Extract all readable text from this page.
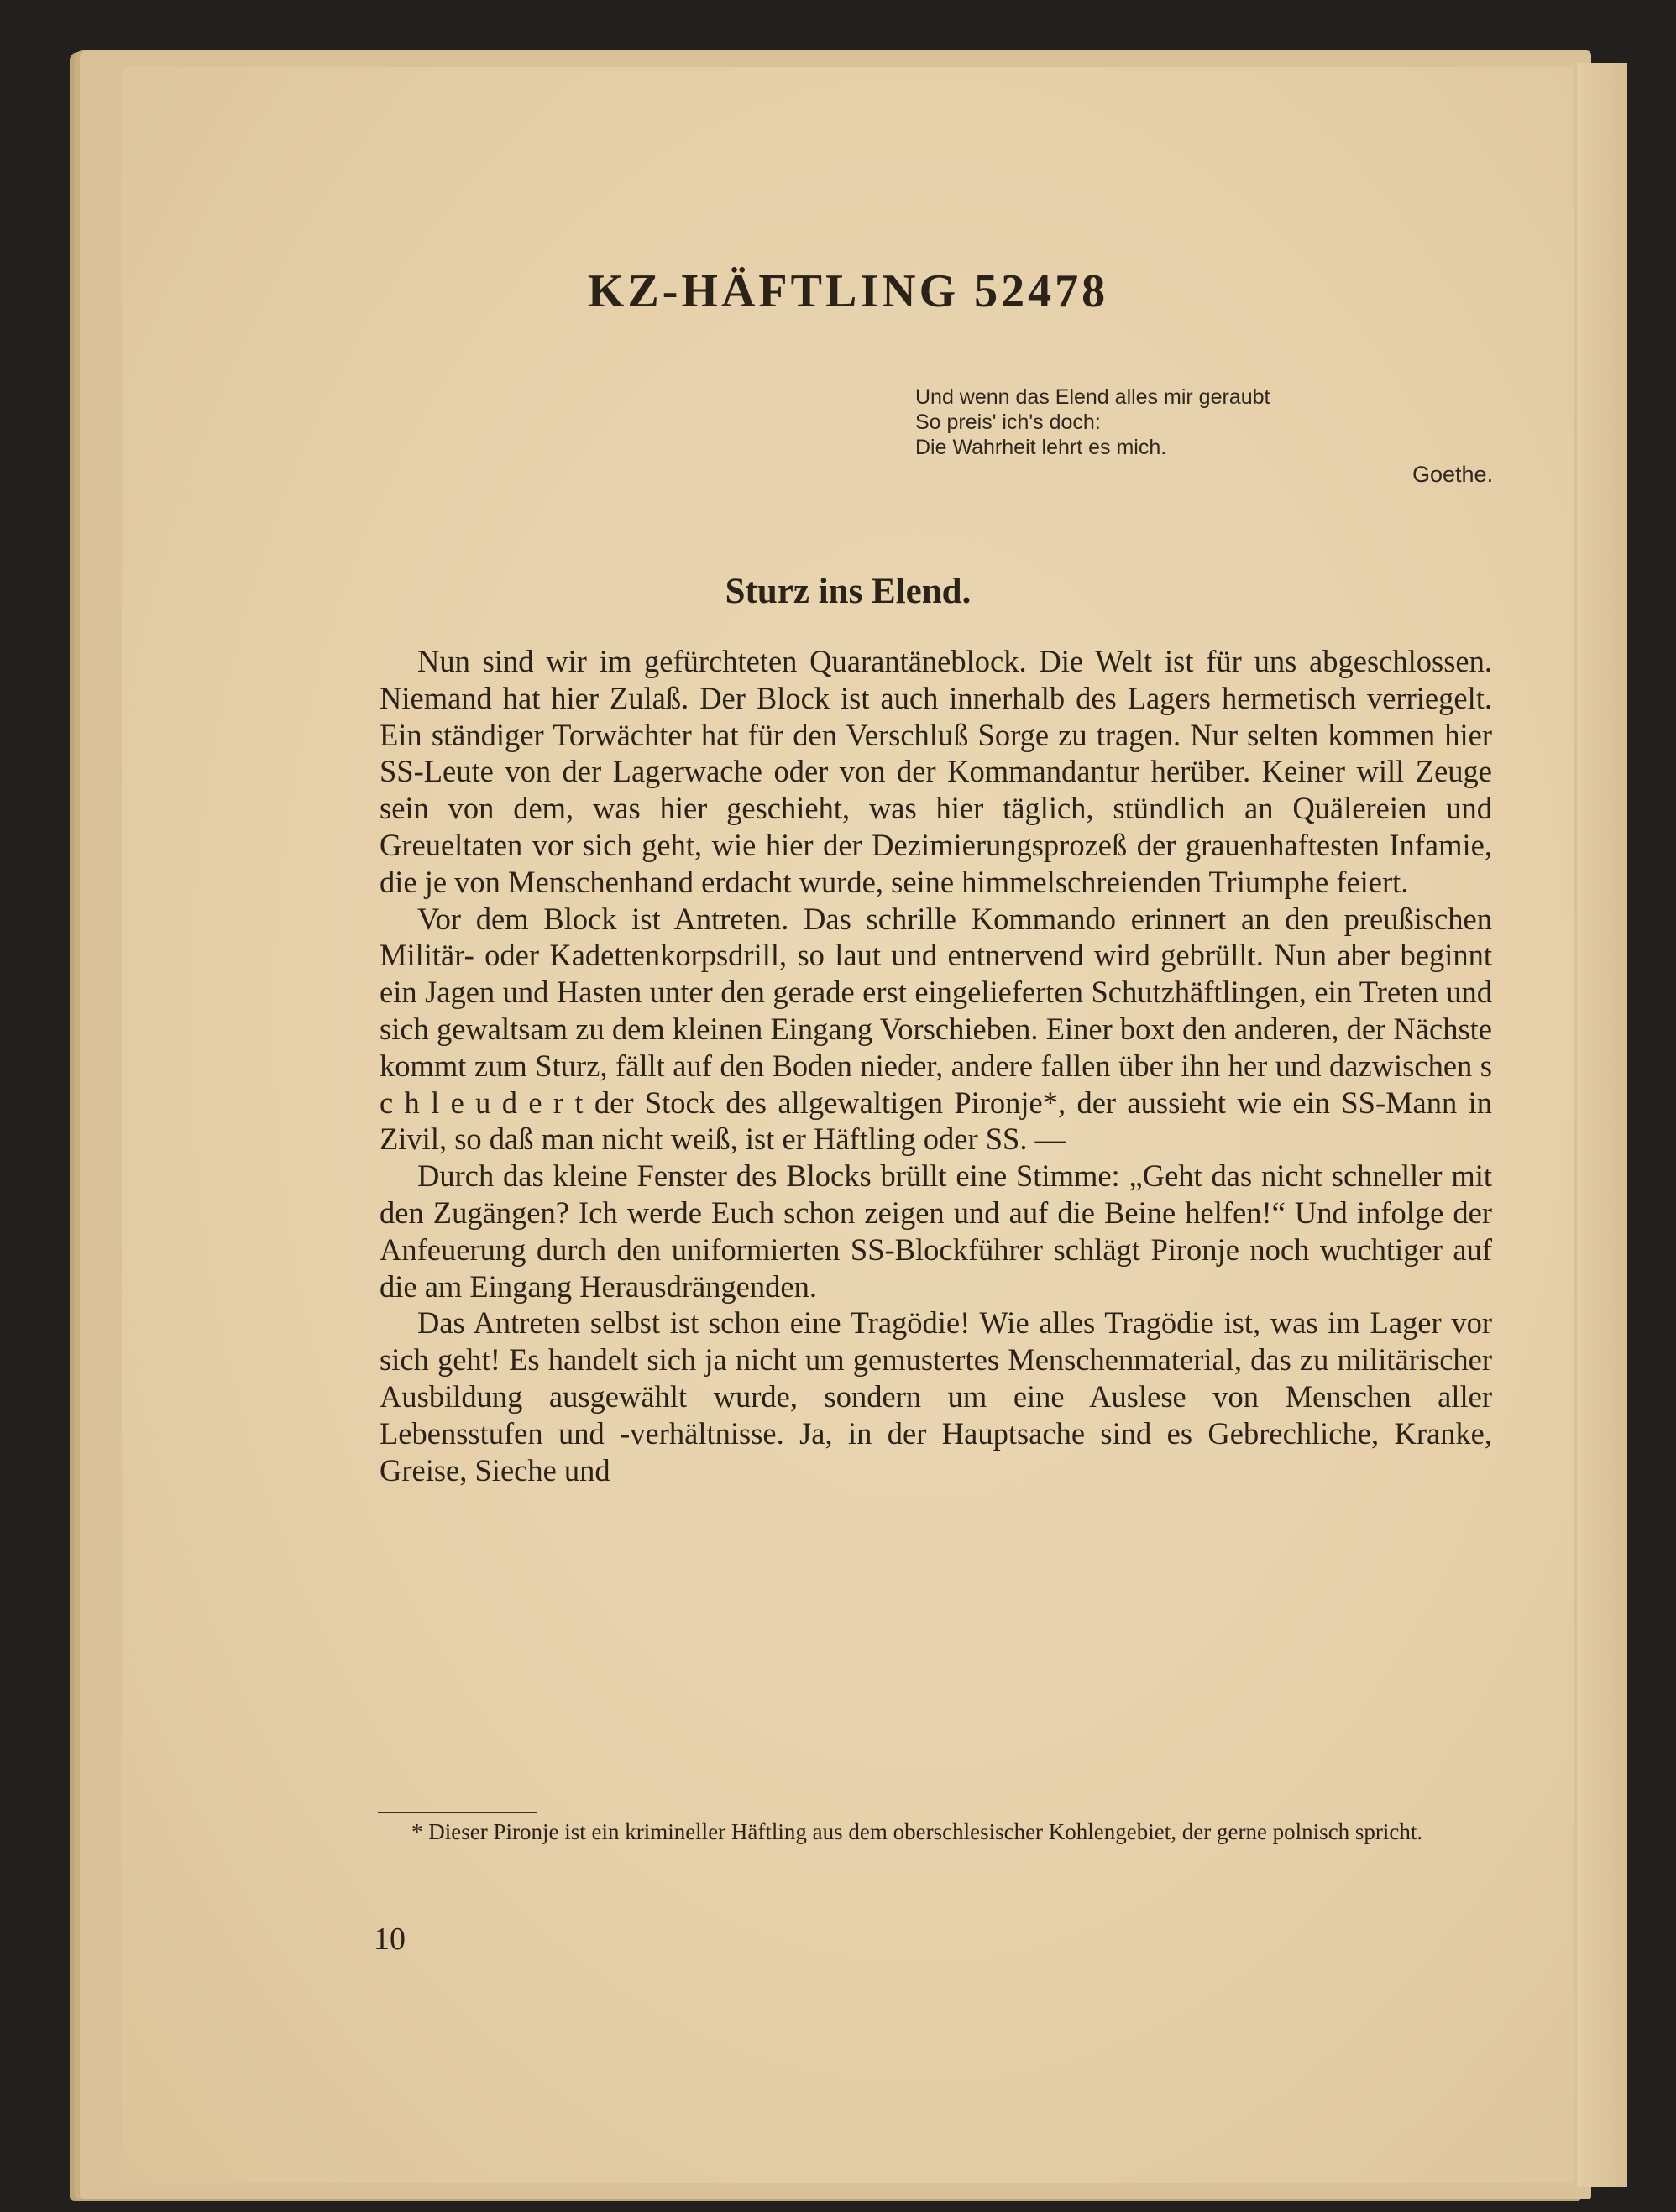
KZ-HÄFTLING 52478
Und wenn das Elend alles mir geraubt
So preis' ich's doch:
Die Wahrheit lehrt es mich.
Goethe.
Sturz ins Elend.

Nun sind wir im gefürchteten Quarantäneblock. Die Welt ist für uns abgeschlossen. Niemand hat hier Zulaß. Der Block ist auch innerhalb des Lagers hermetisch verriegelt. Ein ständiger Torwächter hat für den Verschluß Sorge zu tragen. Nur selten kommen hier SS-Leute von der Lagerwache oder von der Kommandantur herüber. Keiner will Zeuge sein von dem, was hier geschieht, was hier täglich, stündlich an Quälereien und Greueltaten vor sich geht, wie hier der Dezimierungsprozeß der grauenhaftesten Infamie, die je von Menschenhand erdacht wurde, seine himmelschreienden Triumphe feiert.

Vor dem Block ist Antreten. Das schrille Kommando erinnert an den preußischen Militär- oder Kadettenkorpsdrill, so laut und entnervend wird gebrüllt. Nun aber beginnt ein Jagen und Hasten unter den gerade erst eingelieferten Schutzhäftlingen, ein Treten und sich gewaltsam zu dem kleinen Eingang Vorschieben. Einer boxt den anderen, der Nächste kommt zum Sturz, fällt auf den Boden nieder, andere fallen über ihn her und dazwischen s c h l e u d e r t der Stock des allgewaltigen Pironje*, der aussieht wie ein SS-Mann in Zivil, so daß man nicht weiß, ist er Häftling oder SS. —

Durch das kleine Fenster des Blocks brüllt eine Stimme: „Geht das nicht schneller mit den Zugängen? Ich werde Euch schon zeigen und auf die Beine helfen!“ Und infolge der Anfeuerung durch den uniformierten SS-Blockführer schlägt Pironje noch wuchtiger auf die am Eingang Herausdrängenden.

Das Antreten selbst ist schon eine Tragödie! Wie alles Tragödie ist, was im Lager vor sich geht! Es handelt sich ja nicht um gemustertes Menschenmaterial, das zu militärischer Ausbildung ausgewählt wurde, sondern um eine Auslese von Menschen aller Lebensstufen und -verhältnisse. Ja, in der Hauptsache sind es Gebrechliche, Kranke, Greise, Sieche und

* Dieser Pironje ist ein krimineller Häftling aus dem oberschlesischer Kohlengebiet, der gerne polnisch spricht.

10
